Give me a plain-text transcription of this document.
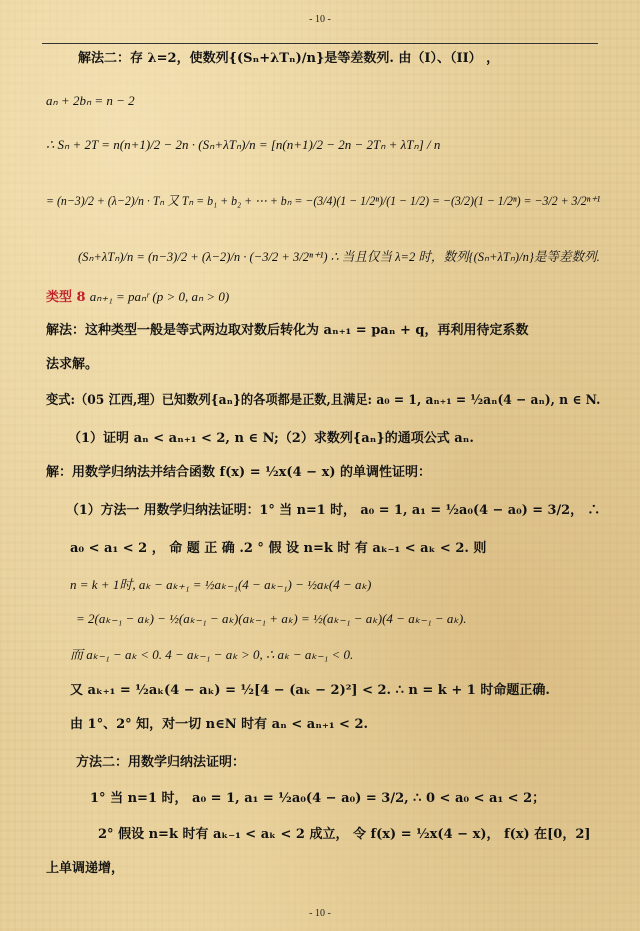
- 10 -
解法二：存 λ=2，使数列{(Sₙ+λTₙ)/n}是等差数列. 由（I）、（II） ，
aₙ + 2bₙ = n − 2
∴ Sₙ + 2T = n(n+1)/2 − 2n · (Sₙ+λTₙ)/n = [n(n+1)/2 − 2n − 2Tₙ + λTₙ] / n
= (n−3)/2 + (λ−2)/n · Tₙ 又 Tₙ = b₁ + b₂ + ⋯ + bₙ = −(3/4)(1 − 1/2ⁿ)/(1 − 1/2) = −(3/2)(1 − 1/2ⁿ) = −3/2 + 3/2ⁿ⁺¹
(Sₙ+λTₙ)/n = (n−3)/2 + (λ−2)/n · (−3/2 + 3/2ⁿ⁺¹) ∴ 当且仅当 λ=2 时，数列{(Sₙ+λTₙ)/n}是等差数列.
类型 8 aₙ₊₁ = paₙʳ (p > 0, aₙ > 0)
解法：这种类型一般是等式两边取对数后转化为 aₙ₊₁ = paₙ + q，再利用待定系数
法求解。
变式:（05 江西,理）已知数列{aₙ}的各项都是正数,且满足: a₀ = 1, aₙ₊₁ = ½aₙ(4 − aₙ), n ∈ N.
（1）证明 aₙ < aₙ₊₁ < 2, n ∈ N;（2）求数列{aₙ}的通项公式 aₙ.
解：用数学归纳法并结合函数 f(x) = ½x(4 − x) 的单调性证明：
（1）方法一 用数学归纳法证明：1° 当 n=1 时， a₀ = 1, a₁ = ½a₀(4 − a₀) = 3/2， ∴
a₀ < a₁ < 2 ， 命 题 正 确 .2 ° 假 设 n=k 时 有 aₖ₋₁ < aₖ < 2. 则
n = k + 1时, aₖ − aₖ₊₁ = ½aₖ₋₁(4 − aₖ₋₁) − ½aₖ(4 − aₖ)
= 2(aₖ₋₁ − aₖ) − ½(aₖ₋₁ − aₖ)(aₖ₋₁ + aₖ) = ½(aₖ₋₁ − aₖ)(4 − aₖ₋₁ − aₖ).
而 aₖ₋₁ − aₖ < 0. 4 − aₖ₋₁ − aₖ > 0, ∴ aₖ − aₖ₋₁ < 0.
又 aₖ₊₁ = ½aₖ(4 − aₖ) = ½[4 − (aₖ − 2)²] < 2. ∴ n = k + 1 时命题正确.
由 1°、2° 知，对一切 n∈N 时有 aₙ < aₙ₊₁ < 2.
方法二：用数学归纳法证明：
1° 当 n=1 时， a₀ = 1, a₁ = ½a₀(4 − a₀) = 3/2, ∴ 0 < a₀ < a₁ < 2；
2° 假设 n=k 时有 aₖ₋₁ < aₖ < 2 成立， 令 f(x) = ½x(4 − x)， f(x) 在[0，2]
上单调递增，
- 10 -
